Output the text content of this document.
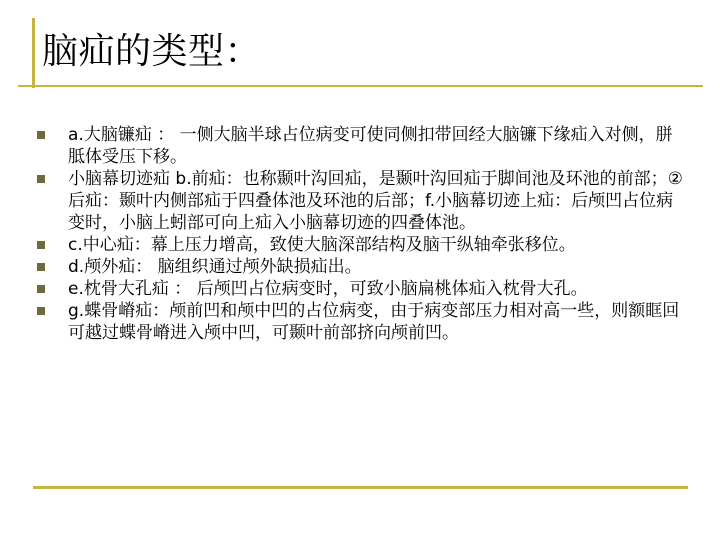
脑疝的类型：
a.大脑镰疝 ： 一侧大脑半球占位病变可使同侧扣带回经大脑镰下缘疝入对侧，胼胝体受压下移。
小脑幕切迹疝 b.前疝：也称颞叶沟回疝，是颞叶沟回疝于脚间池及环池的前部；②后疝：颞叶内侧部疝于四叠体池及环池的后部；f.小脑幕切迹上疝：后颅凹占位病变时，小脑上蚓部可向上疝入小脑幕切迹的四叠体池。
c.中心疝：幕上压力增高，致使大脑深部结构及脑干纵轴牵张移位。
d.颅外疝： 脑组织通过颅外缺损疝出。
e.枕骨大孔疝 ： 后颅凹占位病变时，可致小脑扁桃体疝入枕骨大孔。
g.蝶骨嵴疝：颅前凹和颅中凹的占位病变，由于病变部压力相对高一些，则额眶回可越过蝶骨嵴进入颅中凹，可颞叶前部挤向颅前凹。
